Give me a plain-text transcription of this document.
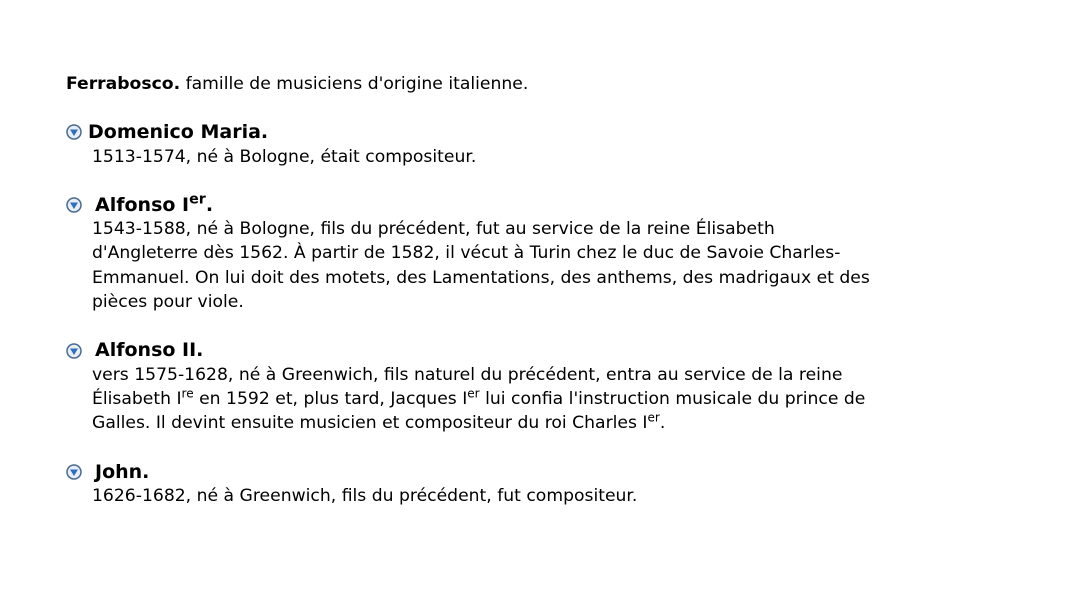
Ferrabosco. famille de musiciens d'origine italienne.
Domenico Maria.
1513-1574, né à Bologne, était compositeur.
Alfonso Ier.
1543-1588, né à Bologne, fils du précédent, fut au service de la reine Élisabeth
d'Angleterre dès 1562. À partir de 1582, il vécut à Turin chez le duc de Savoie Charles-
Emmanuel. On lui doit des motets, des Lamentations, des anthems, des madrigaux et des
pièces pour viole.
Alfonso II.
vers 1575-1628, né à Greenwich, fils naturel du précédent, entra au service de la reine
Élisabeth Ire en 1592 et, plus tard, Jacques Ier lui confia l'instruction musicale du prince de
Galles. Il devint ensuite musicien et compositeur du roi Charles Ier.
John.
1626-1682, né à Greenwich, fils du précédent, fut compositeur.
